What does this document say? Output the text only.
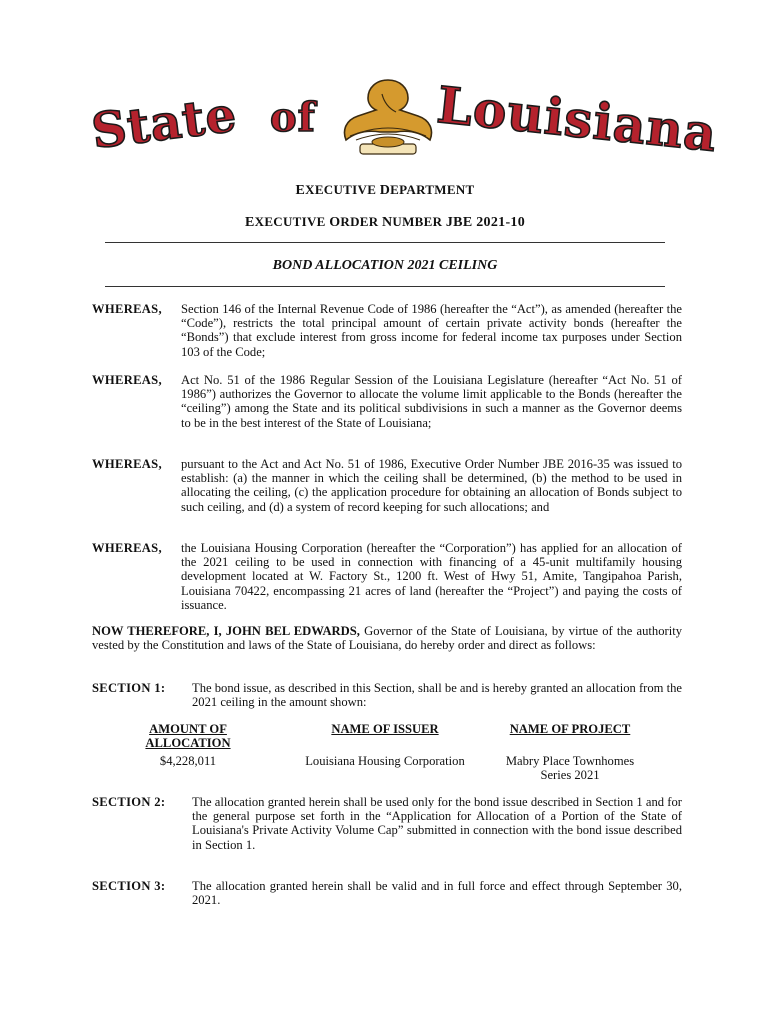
State of Louisiana
EXECUTIVE DEPARTMENT
EXECUTIVE ORDER NUMBER JBE 2021-10
BOND ALLOCATION 2021 CEILING
WHEREAS, Section 146 of the Internal Revenue Code of 1986 (hereafter the “Act”), as amended (hereafter the “Code”), restricts the total principal amount of certain private activity bonds (hereafter the “Bonds”) that exclude interest from gross income for federal income tax purposes under Section 103 of the Code;
WHEREAS, Act No. 51 of the 1986 Regular Session of the Louisiana Legislature (hereafter “Act No. 51 of 1986”) authorizes the Governor to allocate the volume limit applicable to the Bonds (hereafter the “ceiling”) among the State and its political subdivisions in such a manner as the Governor deems to be in the best interest of the State of Louisiana;
WHEREAS, pursuant to the Act and Act No. 51 of 1986, Executive Order Number JBE 2016-35 was issued to establish: (a) the manner in which the ceiling shall be determined, (b) the method to be used in allocating the ceiling, (c) the application procedure for obtaining an allocation of Bonds subject to such ceiling, and (d) a system of record keeping for such allocations; and
WHEREAS, the Louisiana Housing Corporation (hereafter the “Corporation”) has applied for an allocation of the 2021 ceiling to be used in connection with financing of a 45-unit multifamily housing development located at W. Factory St., 1200 ft. West of Hwy 51, Amite, Tangipahoa Parish, Louisiana 70422, encompassing 21 acres of land (hereafter the “Project”) and paying the costs of issuance.
NOW THEREFORE, I, JOHN BEL EDWARDS, Governor of the State of Louisiana, by virtue of the authority vested by the Constitution and laws of the State of Louisiana, do hereby order and direct as follows:
SECTION 1: The bond issue, as described in this Section, shall be and is hereby granted an allocation from the 2021 ceiling in the amount shown:
AMOUNT OF ALLOCATION
$4,228,011
NAME OF ISSUER
Louisiana Housing Corporation
NAME OF PROJECT
Mabry Place Townhomes Series 2021
SECTION 2: The allocation granted herein shall be used only for the bond issue described in Section 1 and for the general purpose set forth in the “Application for Allocation of a Portion of the State of Louisiana's Private Activity Volume Cap” submitted in connection with the bond issue described in Section 1.
SECTION 3: The allocation granted herein shall be valid and in full force and effect through September 30, 2021.
